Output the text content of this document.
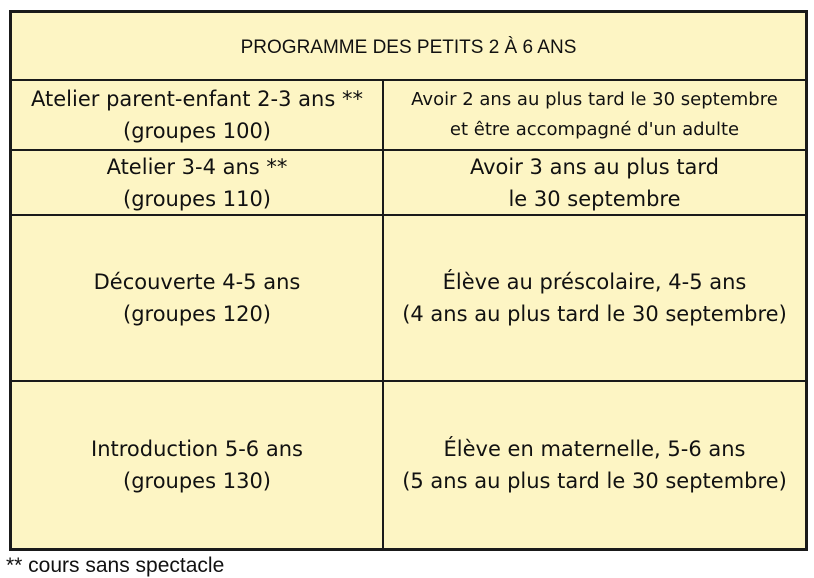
PROGRAMME DES PETITS 2 À 6 ANS
Atelier parent-enfant 2-3 ans **
(groupes 100)
Avoir 2 ans au plus tard le 30 septembre
et être accompagné d'un adulte
Atelier 3-4 ans **
(groupes 110)
Avoir 3 ans au plus tard
le 30 septembre
Découverte 4-5 ans
(groupes 120)
Élève au préscolaire, 4-5 ans
(4 ans au plus tard le 30 septembre)
Introduction 5-6 ans
(groupes 130)
Élève en maternelle, 5-6 ans
(5 ans au plus tard le 30 septembre)
** cours sans spectacle
